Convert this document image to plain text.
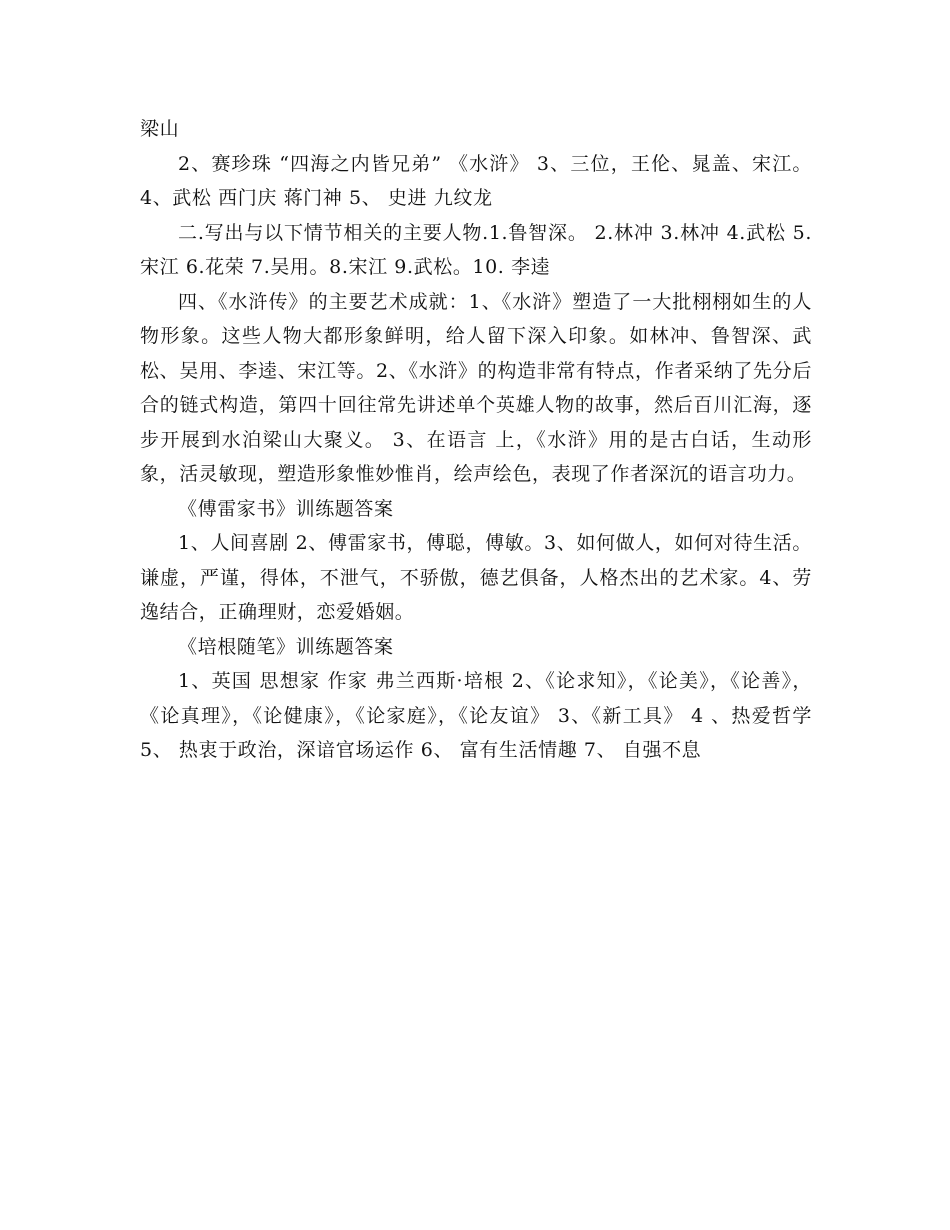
梁山

2、赛珍珠 “四海之内皆兄弟” 《水浒》 3、三位，王伦、晁盖、宋江。4、武松 西门庆 蒋门神 5、 史进 九纹龙

二.写出与以下情节相关的主要人物.1.鲁智深。 2.林冲 3.林冲 4.武松 5.宋江 6.花荣 7.吴用。8.宋江 9.武松。10. 李逵

四、《水浒传》的主要艺术成就：1、《水浒》塑造了一大批栩栩如生的人物形象。这些人物大都形象鲜明，给人留下深入印象。如林冲、鲁智深、武松、吴用、李逵、宋江等。2、《水浒》的构造非常有特点，作者采纳了先分后合的链式构造，第四十回往常先讲述单个英雄人物的故事，然后百川汇海，逐步开展到水泊梁山大聚义。 3、在语言 上，《水浒》用的是古白话，生动形象，活灵敏现，塑造形象惟妙惟肖，绘声绘色，表现了作者深沉的语言功力。

《傅雷家书》训练题答案

1、人间喜剧 2、傅雷家书，傅聪，傅敏。3、如何做人，如何对待生活。谦虚，严谨，得体，不泄气，不骄傲，德艺俱备，人格杰出的艺术家。4、劳逸结合，正确理财，恋爱婚姻。

《培根随笔》训练题答案

1、英国 思想家 作家 弗兰西斯·培根 2、《论求知》，《论美》，《论善》，《论真理》，《论健康》，《论家庭》，《论友谊》 3、《新工具》 4 、热爱哲学 5、 热衷于政治，深谙官场运作 6、 富有生活情趣 7、 自强不息
